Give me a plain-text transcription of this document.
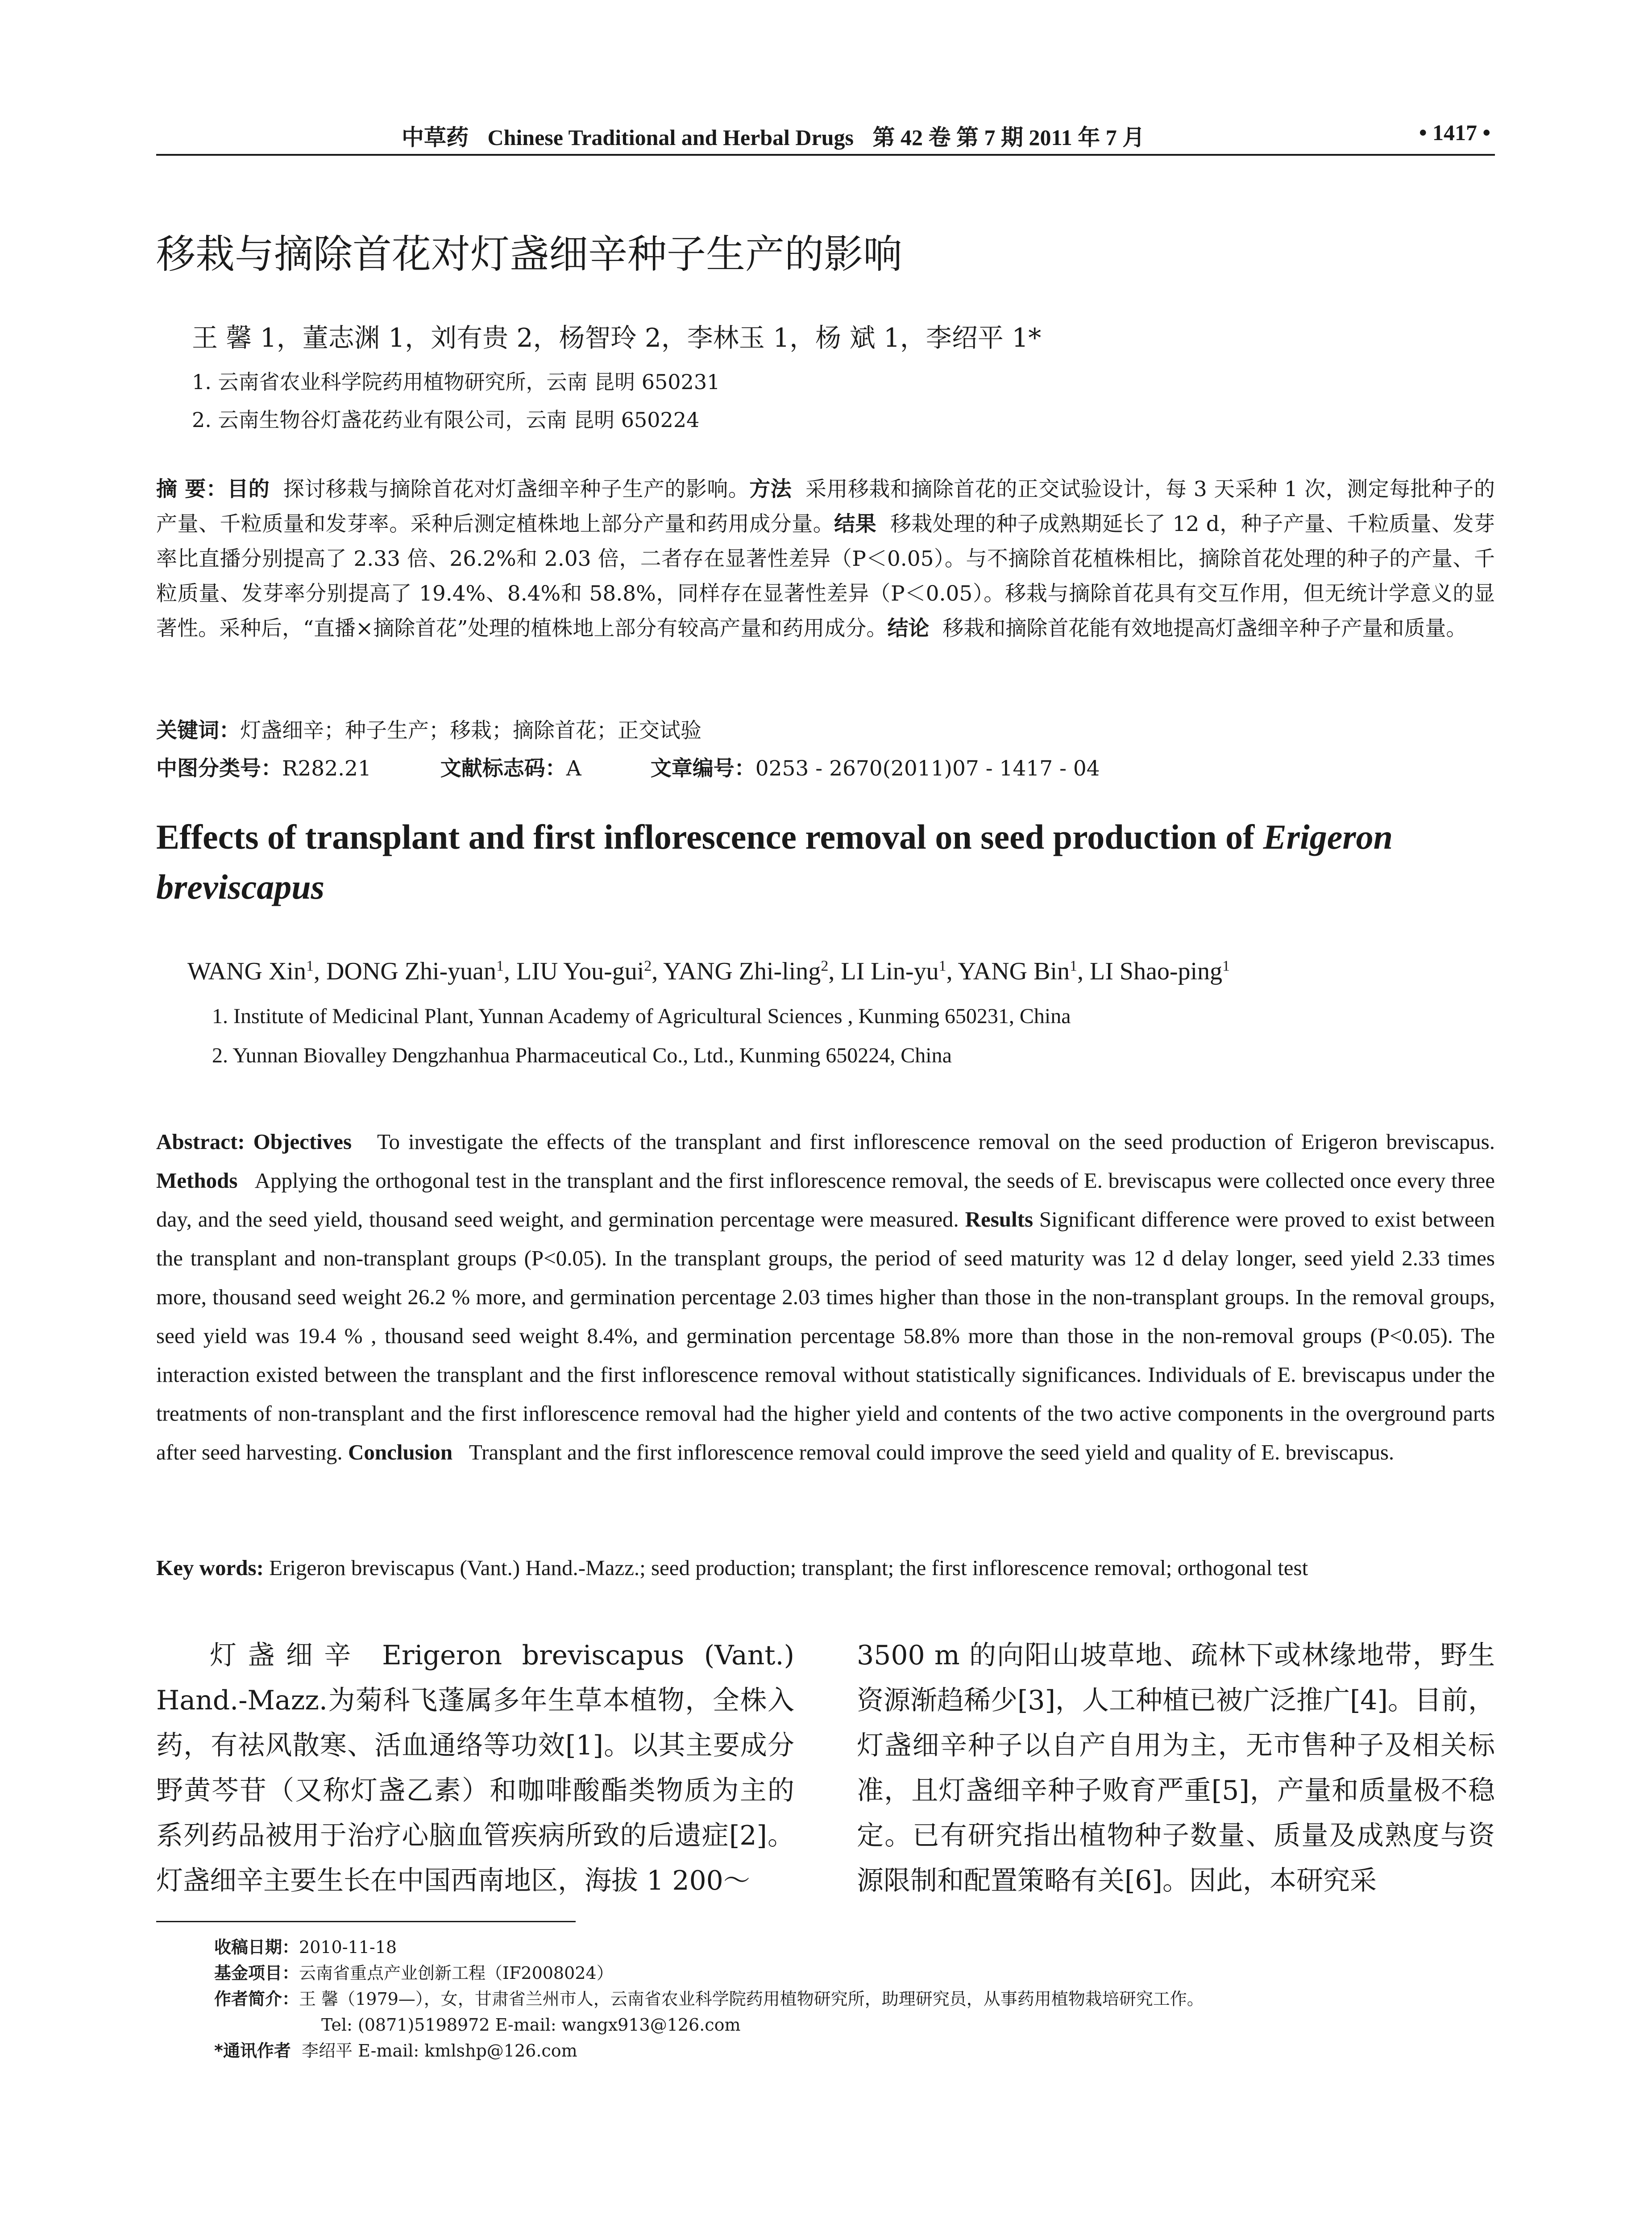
中草药 Chinese Traditional and Herbal Drugs 第 42 卷 第 7 期 2011 年 7 月	• 1417 •
移栽与摘除首花对灯盏细辛种子生产的影响
王 馨 1，董志渊 1，刘有贵 2，杨智玲 2，李林玉 1，杨 斌 1，李绍平 1*
1. 云南省农业科学院药用植物研究所，云南 昆明 650231
2. 云南生物谷灯盏花药业有限公司，云南 昆明 650224
摘 要：目的 探讨移栽与摘除首花对灯盏细辛种子生产的影响。方法 采用移栽和摘除首花的正交试验设计，每 3 天采种 1 次，测定每批种子的产量、千粒质量和发芽率。采种后测定植株地上部分产量和药用成分量。结果 移栽处理的种子成熟期延长了 12 d，种子产量、千粒质量、发芽率比直播分别提高了 2.33 倍、26.2%和 2.03 倍，二者存在显著性差异（P＜0.05）。与不摘除首花植株相比，摘除首花处理的种子的产量、千粒质量、发芽率分别提高了 19.4%、8.4%和 58.8%，同样存在显著性差异（P＜0.05）。移栽与摘除首花具有交互作用，但无统计学意义的显著性。采种后，“直播×摘除首花”处理的植株地上部分有较高产量和药用成分。结论 移栽和摘除首花能有效地提高灯盏细辛种子产量和质量。
关键词：灯盏细辛；种子生产；移栽；摘除首花；正交试验
中图分类号：R282.21	文献标志码：A	文章编号：0253 - 2670(2011)07 - 1417 - 04
Effects of transplant and first inflorescence removal on seed production of Erigeron breviscapus
WANG Xin$^1$, DONG Zhi-yuan$^1$, LIU You-gui$^2$, YANG Zhi-ling$^2$, LI Lin-$yu^1$, YANG Bin$^1$, LI Shao-ping$^1$
1. Institute of Medicinal Plant, Yunnan Academy of Agricultural Sciences , Kunming 650231, China
2. Yunnan Biovalley Dengzhanhua Pharmaceutical Co., Ltd., Kunming 650224, China
Abstract: Objectives To investigate the effects of the transplant and first inflorescence removal on the seed production of Erigeron breviscapus. Methods Applying the orthogonal test in the transplant and the first inflorescence removal, the seeds of E. breviscapus were collected once every three day, and the seed yield, thousand seed weight, and germination percentage were measured. Results Significant difference were proved to exist between the transplant and non-transplant groups (P<0.05). In the transplant groups, the period of seed maturity was 12 d delay longer, seed yield 2.33 times more, thousand seed weight 26.2 % more, and germination percentage 2.03 times higher than those in the non-transplant groups. In the removal groups, seed yield was 19.4 % , thousand seed weight 8.4%, and germination percentage 58.8% more than those in the non-removal groups (P<0.05). The interaction existed between the transplant and the first inflorescence removal without statistically significances. Individuals of E. breviscapus under the treatments of non-transplant and the first inflorescence removal had the higher yield and contents of the two active components in the overground parts after seed harvesting. Conclusion Transplant and the first inflorescence removal could improve the seed yield and quality of E. breviscapus.
Key words: Erigeron breviscapus (Vant.) Hand.-Mazz.; seed production; transplant; the first inflorescence removal; orthogonal test
灯盏细辛 Erigeron breviscapus (Vant.) Hand.-Mazz.为菊科飞蓬属多年生草本植物，全株入药，有祛风散寒、活血通络等功效[1]。以其主要成分野黄芩苷（又称灯盏乙素）和咖啡酸酯类物质为主的系列药品被用于治疗心脑血管疾病所致的后遗症[2]。灯盏细辛主要生长在中国西南地区，海拔 1 200～
3500 m 的向阳山坡草地、疏林下或林缘地带，野生资源渐趋稀少[3]，人工种植已被广泛推广[4]。目前，灯盏细辛种子以自产自用为主，无市售种子及相关标准，且灯盏细辛种子败育严重[5]，产量和质量极不稳定。已有研究指出植物种子数量、质量及成熟度与资源限制和配置策略有关[6]。因此，本研究采
收稿日期：2010-11-18
基金项目：云南省重点产业创新工程（IF2008024）
作者简介：王 馨（1979—），女，甘肃省兰州市人，云南省农业科学院药用植物研究所，助理研究员，从事药用植物栽培研究工作。
Tel: (0871)5198972 E-mail: wangx913@126.com
*通讯作者 李绍平 E-mail: kmlshp@126.com
